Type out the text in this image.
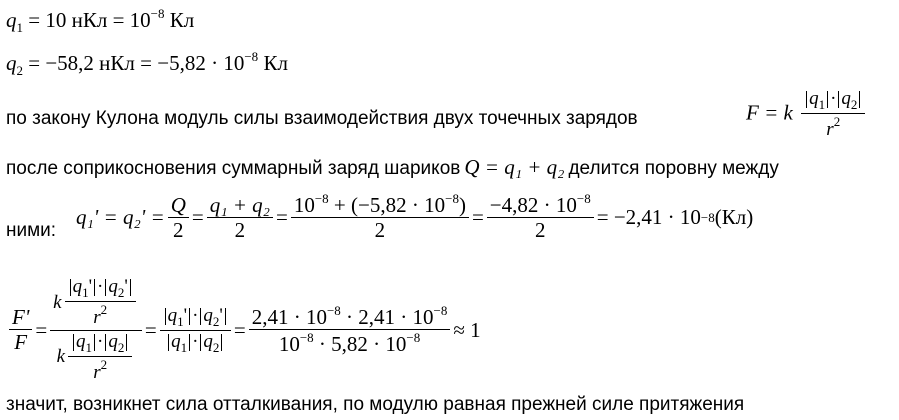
$q_1 = 10$ нКл = $10^{-8}$ Кл
$q_2 = -58,2$ нКл = $-5,82 \cdot 10^{-8}$ Кл
по закону Кулона модуль силы взаимодействия двух точечных зарядов	F = k $\frac{q_1 \cdot q_2}{r^2}$
после соприкосновения суммарный заряд шариков Q = q₁ + q₂ делится поровну между
ними:
$q_1' = q_2' = \frac{Q}{2} = \frac{\text{q₁ + q₂}}{2} = \frac{10^{-8} + (-5,82 \cdot 10^{-8})}{2} = \frac{-4,82 \cdot 10^{-8}}{2} = -2,41 \cdot 10 -8$ (Кл)
$\frac{F'}{F} = \frac{k \frac{q_1' \cdot q_2'}{r^2}}{k \frac{q_1 \cdot q_2}{r^2}} = \frac{q_1' \cdot q_2'}{q_1 \cdot q_2} = \frac{2,41 \cdot 10^{-8} \cdot 2,41 \cdot 10^{-8}}{10^{-8} \cdot 5,82 \cdot 10^{-8}} \approx 1$
значит, возникнет сила отталкивания, по модулю равная прежней силе притяжения
